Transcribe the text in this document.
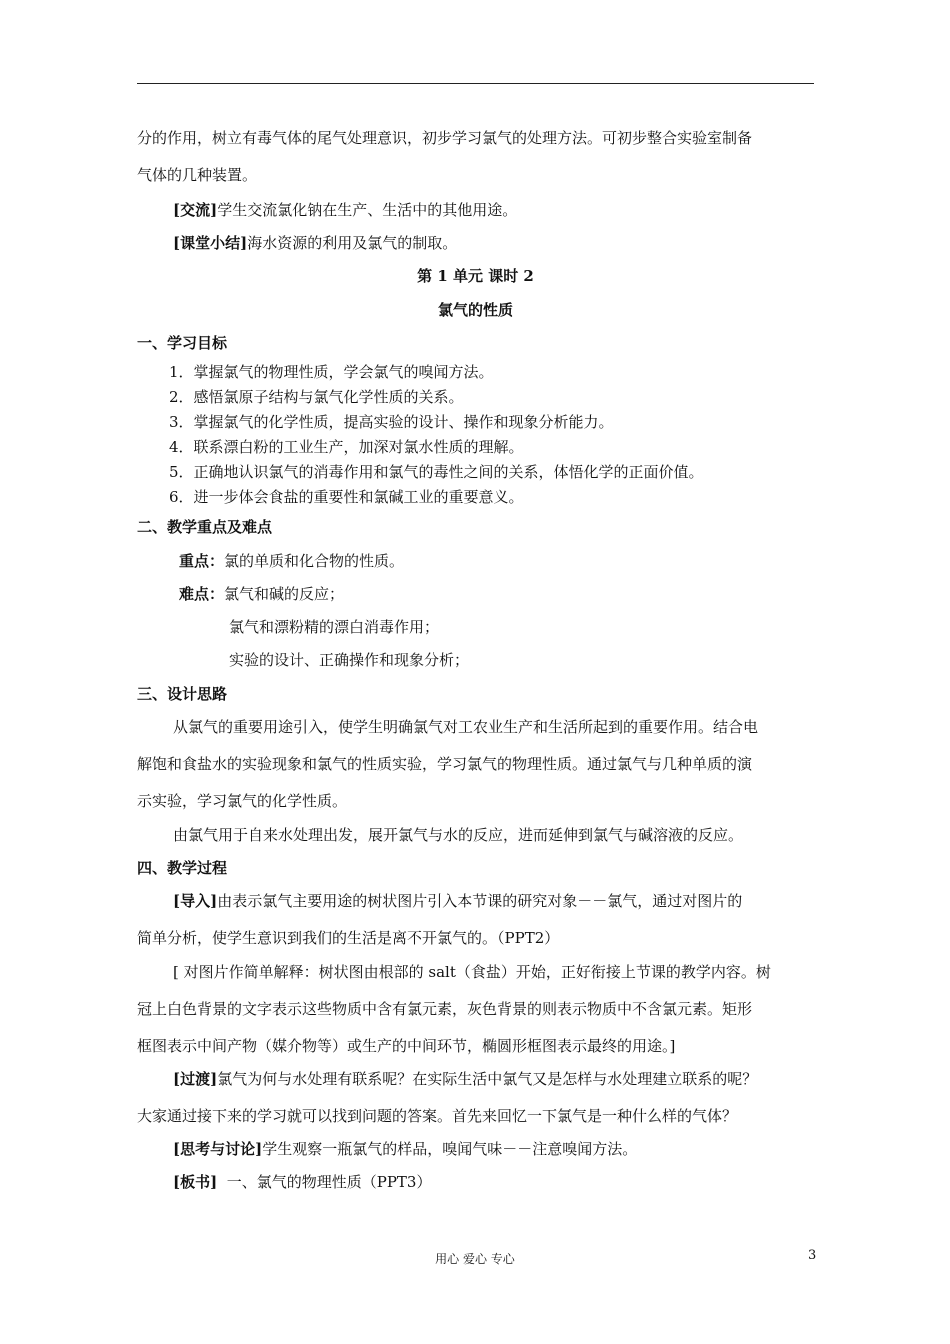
分的作用，树立有毒气体的尾气处理意识，初步学习氯气的处理方法。可初步整合实验室制备
气体的几种装置。
[交流]学生交流氯化钠在生产、生活中的其他用途。
[课堂小结]海水资源的利用及氯气的制取。
第 1 单元 课时 2
氯气的性质
一、学习目标
1．掌握氯气的物理性质，学会氯气的嗅闻方法。
2．感悟氯原子结构与氯气化学性质的关系。
3．掌握氯气的化学性质，提高实验的设计、操作和现象分析能力。
4．联系漂白粉的工业生产，加深对氯水性质的理解。
5．正确地认识氯气的消毒作用和氯气的毒性之间的关系，体悟化学的正面价值。
6．进一步体会食盐的重要性和氯碱工业的重要意义。
二、教学重点及难点
重点：氯的单质和化合物的性质。
难点：氯气和碱的反应；
氯气和漂粉精的漂白消毒作用；
实验的设计、正确操作和现象分析；
三、设计思路
从氯气的重要用途引入，使学生明确氯气对工农业生产和生活所起到的重要作用。结合电
解饱和食盐水的实验现象和氯气的性质实验，学习氯气的物理性质。通过氯气与几种单质的演
示实验，学习氯气的化学性质。
由氯气用于自来水处理出发，展开氯气与水的反应，进而延伸到氯气与碱溶液的反应。
四、教学过程
[导入]由表示氯气主要用途的树状图片引入本节课的研究对象－－氯气，通过对图片的
简单分析，使学生意识到我们的生活是离不开氯气的。（PPT2）
[ 对图片作简单解释：树状图由根部的 salt（食盐）开始，正好衔接上节课的教学内容。树
冠上白色背景的文字表示这些物质中含有氯元素，灰色背景的则表示物质中不含氯元素。矩形
框图表示中间产物（媒介物等）或生产的中间环节，椭圆形框图表示最终的用途。]
[过渡]氯气为何与水处理有联系呢？在实际生活中氯气又是怎样与水处理建立联系的呢？
大家通过接下来的学习就可以找到问题的答案。首先来回忆一下氯气是一种什么样的气体？
[思考与讨论]学生观察一瓶氯气的样品，嗅闻气味－－注意嗅闻方法。
[板书]  一、氯气的物理性质（PPT3）
用心 爱心 专心	3
